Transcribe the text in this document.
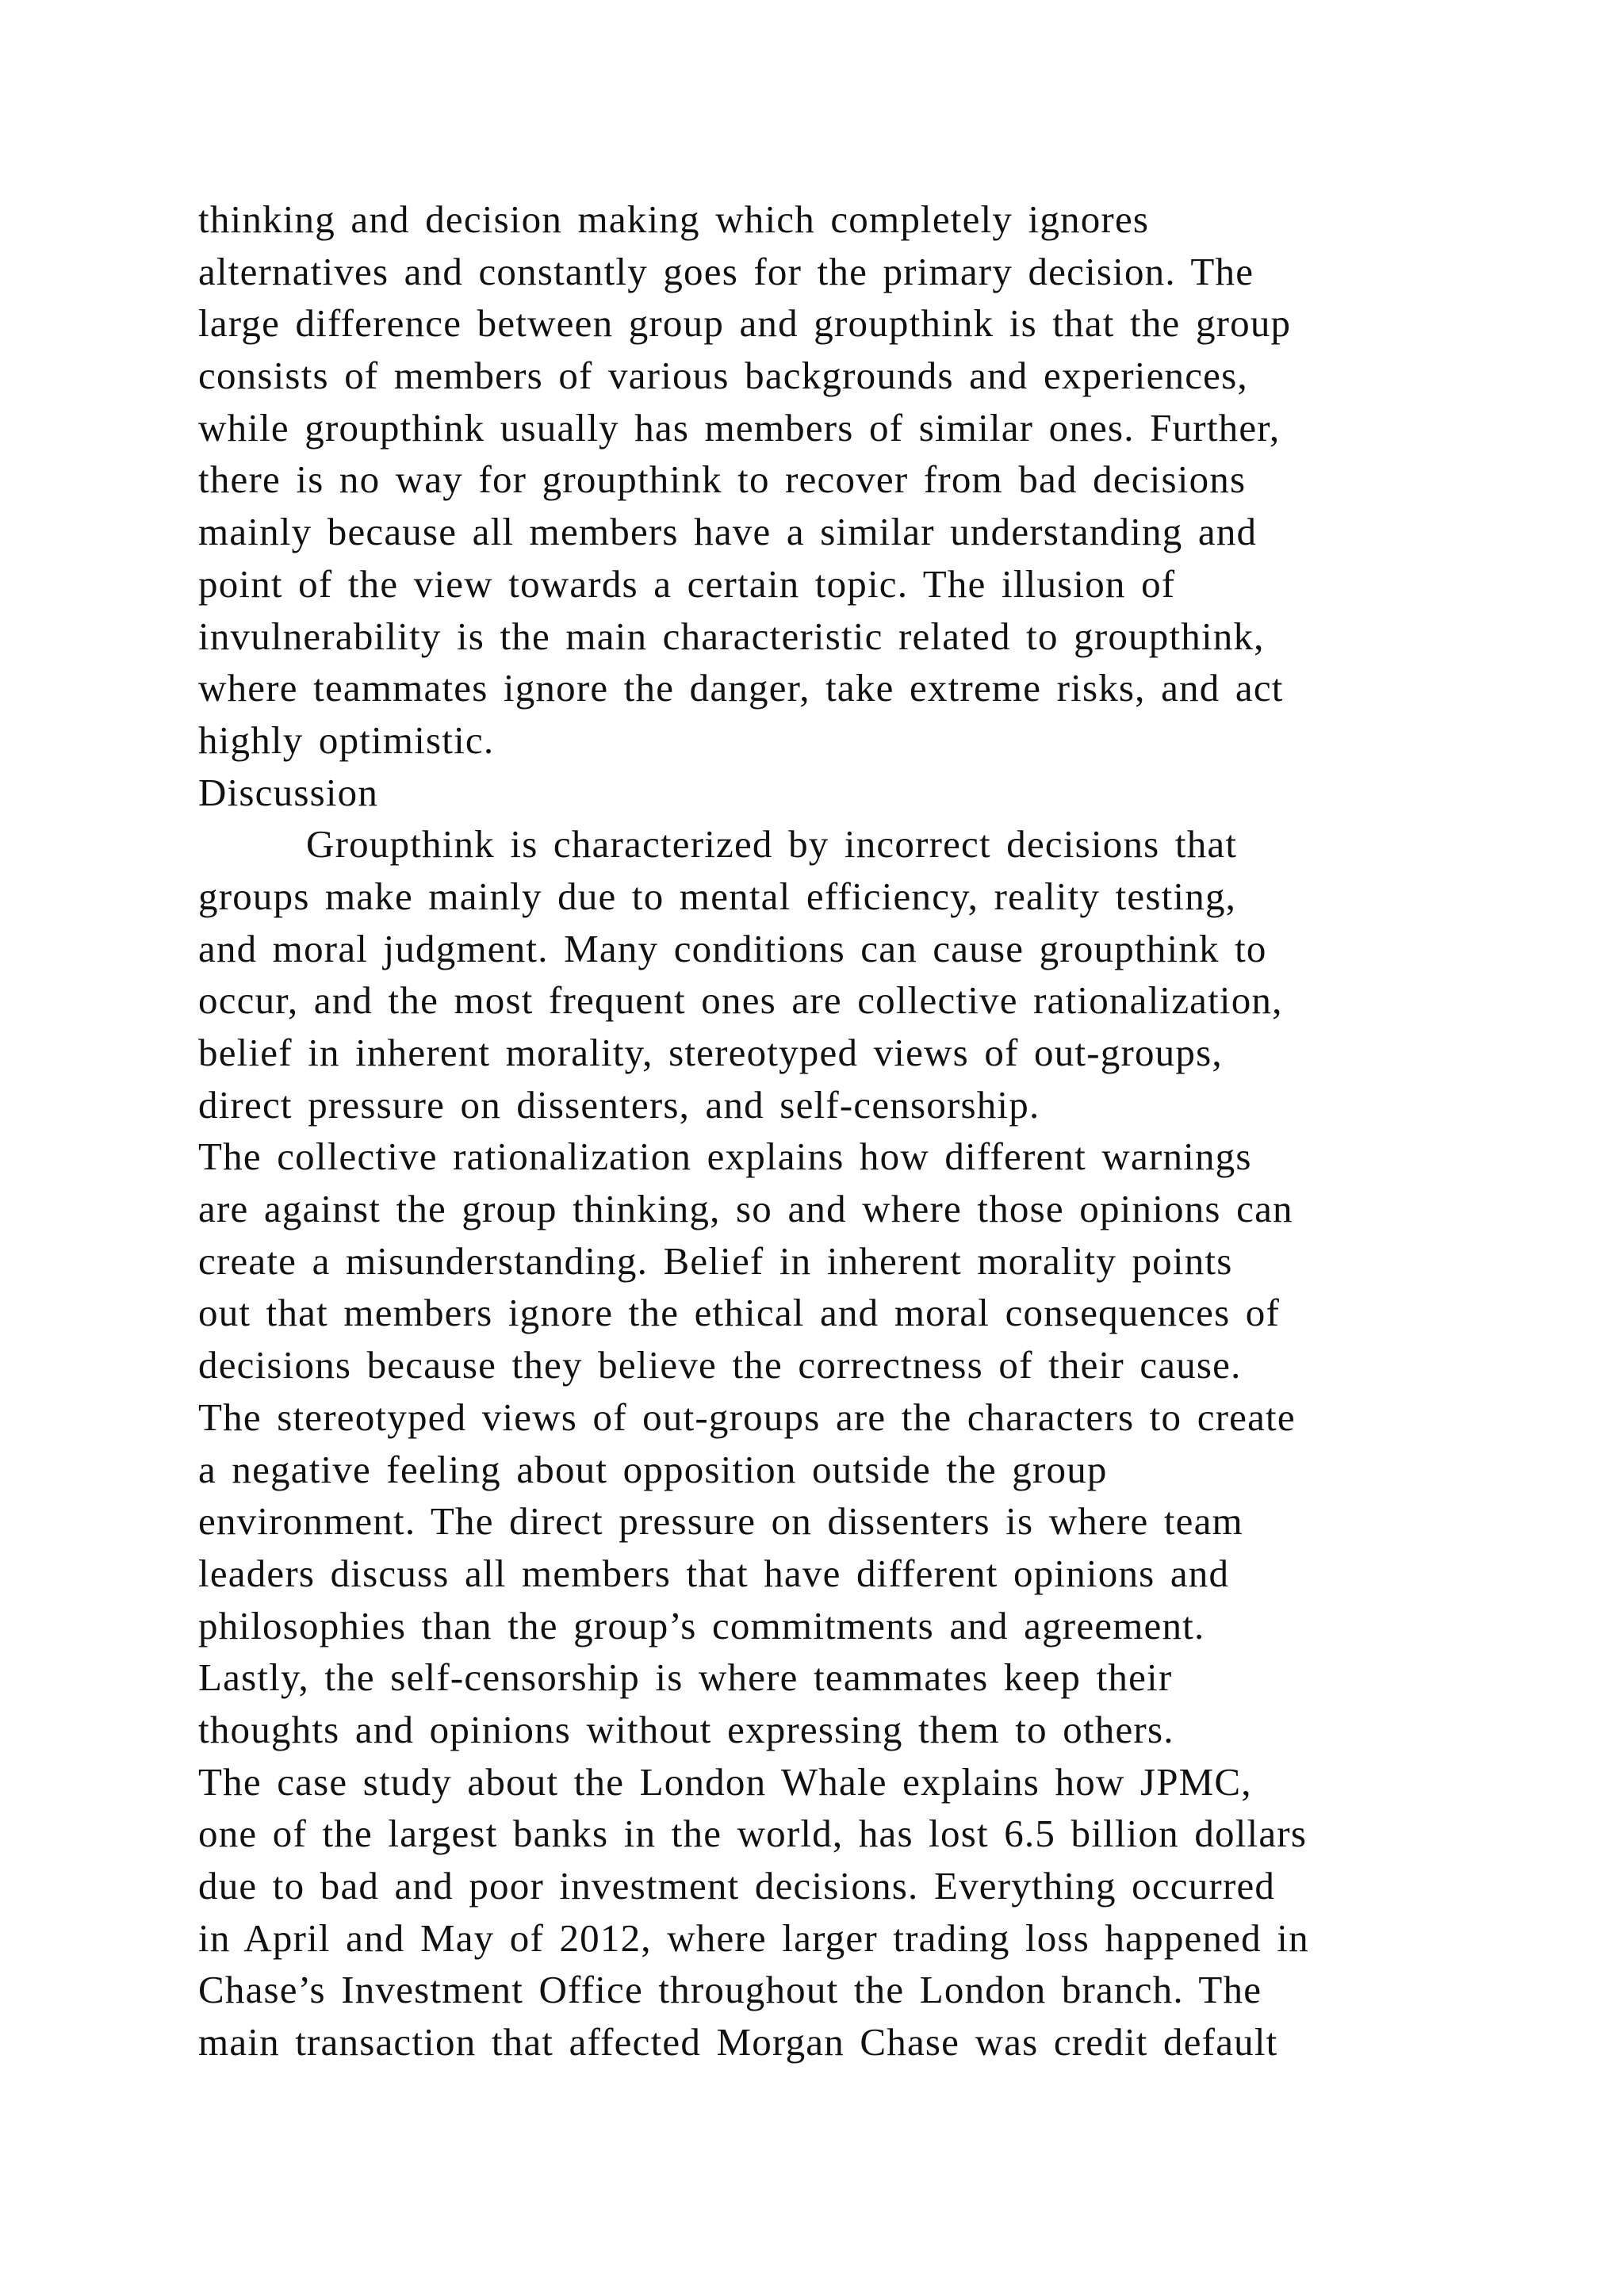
thinking and decision making which completely ignores
alternatives and constantly goes for the primary decision. The
large difference between group and groupthink is that the group
consists of members of various backgrounds and experiences,
while groupthink usually has members of similar ones. Further,
there is no way for groupthink to recover from bad decisions
mainly because all members have a similar understanding and
point of the view towards a certain topic. The illusion of
invulnerability is the main characteristic related to groupthink,
where teammates ignore the danger, take extreme risks, and act
highly optimistic.
Discussion
Groupthink is characterized by incorrect decisions that
groups make mainly due to mental efficiency, reality testing,
and moral judgment. Many conditions can cause groupthink to
occur, and the most frequent ones are collective rationalization,
belief in inherent morality, stereotyped views of out-groups,
direct pressure on dissenters, and self-censorship.
The collective rationalization explains how different warnings
are against the group thinking, so and where those opinions can
create a misunderstanding. Belief in inherent morality points
out that members ignore the ethical and moral consequences of
decisions because they believe the correctness of their cause.
The stereotyped views of out-groups are the characters to create
a negative feeling about opposition outside the group
environment. The direct pressure on dissenters is where team
leaders discuss all members that have different opinions and
philosophies than the group’s commitments and agreement.
Lastly, the self-censorship is where teammates keep their
thoughts and opinions without expressing them to others.
The case study about the London Whale explains how JPMC,
one of the largest banks in the world, has lost 6.5 billion dollars
due to bad and poor investment decisions. Everything occurred
in April and May of 2012, where larger trading loss happened in
Chase’s Investment Office throughout the London branch. The
main transaction that affected Morgan Chase was credit default
